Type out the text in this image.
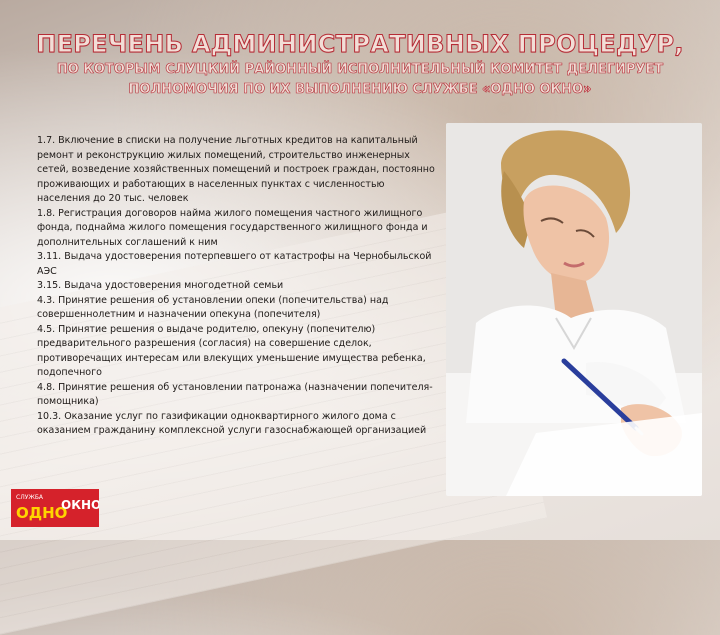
ПЕРЕЧЕНЬ АДМИНИСТРАТИВНЫХ ПРОЦЕДУР,
ПО КОТОРЫМ СЛУЦКИЙ РАЙОННЫЙ ИСПОЛНИТЕЛЬНЫЙ КОМИТЕТ ДЕЛЕГИРУЕТ ПОЛНОМОЧИЯ ПО ИХ ВЫПОЛНЕНИЮ СЛУЖБЕ «ОДНО ОКНО»
1.7. Включение в списки на получение льготных кредитов на капитальный ремонт и реконструкцию жилых помещений, строительство инженерных сетей, возведение хозяйственных помещений и построек граждан, постоянно проживающих и работающих в населенных пунктах с численностью населения до 20 тыс. человек
1.8. Регистрация договоров найма жилого помещения частного жилищного фонда, поднайма жилого помещения государственного жилищного фонда и дополнительных соглашений к ним
3.11. Выдача удостоверения потерпевшего от катастрофы на Чернобыльской АЭС
3.15. Выдача удостоверения многодетной семьи
4.3. Принятие решения об установлении опеки (попечительства) над совершеннолетним и назначении опекуна (попечителя)
4.5. Принятие решения о выдаче родителю, опекуну (попечителю) предварительного разрешения (согласия) на совершение сделок, противоречащих интересам или влекущих уменьшение имущества ребенка, подопечного
4.8. Принятие решения об установлении патронажа (назначении попечителя-помощника)
10.3. Оказание услуг по газификации одноквартирного жилого дома с оказанием гражданину комплексной услуги газоснабжающей организацией
СЛУЖБА
ОДНО
ОКНО
